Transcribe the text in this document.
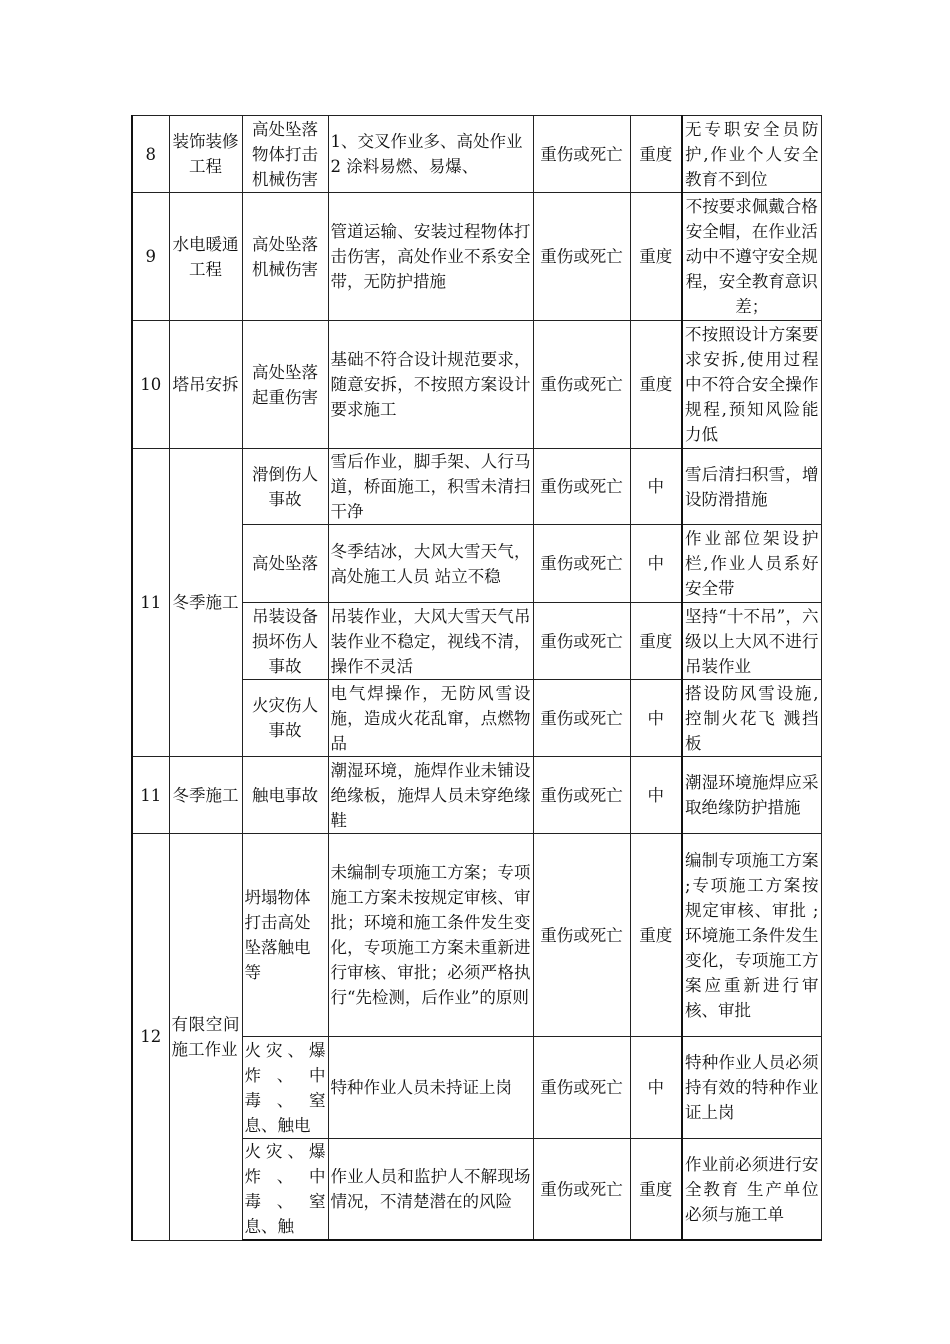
8	装饰装修工程	高处坠落物体打击机械伤害	1、交叉作业多、高处作业2 涂料易燃、易爆、	重伤或死亡	重度	无专职安全员防护,作业个人安全教育不到位
9	水电暖通工程	高处坠落机械伤害	管道运输、安装过程物体打击伤害，高处作业不系安全带，无防护措施	重伤或死亡	重度	不按要求佩戴合格安全帽，在作业活动中不遵守安全规程，安全教育意识差；
10	塔吊安拆	高处坠落起重伤害	基础不符合设计规范要求，随意安拆，不按照方案设计要求施工	重伤或死亡	重度	不按照设计方案要求安拆,使用过程中不符合安全操作规程,预知风险能力低
11	冬季施工	滑倒伤人事故	雪后作业，脚手架、人行马道，桥面施工，积雪未清扫干净	重伤或死亡	中	雪后清扫积雪，增设防滑措施
		高处坠落	冬季结冰，大风大雪天气，高处施工人员 站立不稳	重伤或死亡	中	作业部位架设护栏,作业人员系好安全带
		吊装设备损坏伤人事故	吊装作业，大风大雪天气吊装作业不稳定，视线不清，操作不灵活	重伤或死亡	重度	坚持“十不吊”，六级以上大风不进行吊装作业
		火灾伤人事故	电气焊操作，无防风雪设施，造成火花乱窜，点燃物品	重伤或死亡	中	搭设防风雪设施,控制火花飞 溅挡板
11	冬季施工	触电事故	潮湿环境，施焊作业未铺设绝缘板，施焊人员未穿绝缘鞋	重伤或死亡	中	潮湿环境施焊应采取绝缘防护措施
12	有限空间施工作业	坍塌物体打击高处坠落触电等	未编制专项施工方案；专项施工方案未按规定审核、审批；环境和施工条件发生变化，专项施工方案未重新进行审核、审批；必须严格执行“先检测，后作业”的原则	重伤或死亡	重度	编制专项施工方案 ;专项施工方案按规定审核、审批 ;环境施工条件发生变化，专项施工方案应重新进行审核、审批
		火灾、爆炸、中毒、窒息、触电	特种作业人员未持证上岗	重伤或死亡	中	特种作业人员必须持有效的特种作业证上岗
		火灾、爆炸、中毒、窒息、触	作业人员和监护人不解现场情况，不清楚潜在的风险	重伤或死亡	重度	作业前必须进行安全教育 生产单位必须与施工单
